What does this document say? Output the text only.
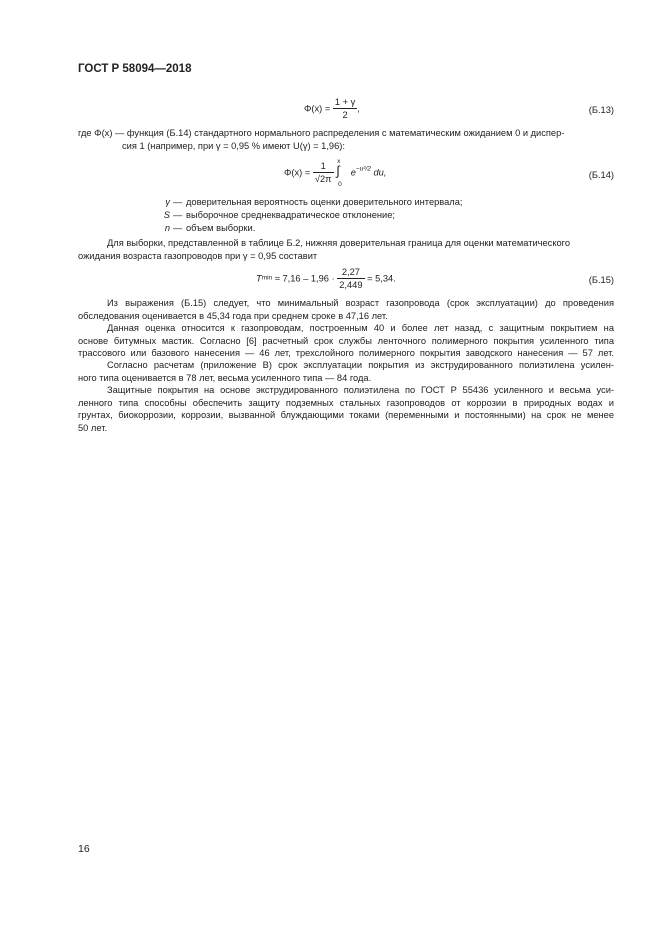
ГОСТ Р 58094—2018
$\Phi(x) = \frac{1 + \gamma}{2}$ ,	(Б.13)
где Φ(x) — функция (Б.14) стандартного нормального распределения с математическим ожиданием 0 и диспер-
сия 1 (например, при γ = 0,95 % имеют U(γ) = 1,96):
$\Phi(x) = \frac{1}{√2\pi}$
x
∫
0
$e^{-u^2/2}$ du,	(Б.14)
γ — доверительная вероятность оценки доверительного интервала;
S — выборочное среднеквадратическое отклонение;
n — объем выборки.
Для выборки, представленной в таблице Б.2, нижняя доверительная граница для оценки математического
ожидания возраста газопроводов при γ = 0,95 составит
$Tmin \approx 7,16 - 1,96 \cdot \frac{2,27}{2,449} = 5,34$.	(Б.15)
Из выражения (Б.15) следует, что минимальный возраст газопровода (срок эксплуатации) до проведения
обследования оценивается в 45,34 года при среднем сроке в 47,16 лет.
Данная оценка относится к газопроводам, построенным 40 и более лет назад, с защитным покрытием на
основе битумных мастик. Согласно [6] расчетный срок службы ленточного полимерного покрытия усиленного типа
трассового или базового нанесения — 46 лет, трехслойного полимерного покрытия заводского нанесения — 57 лет.
Согласно расчетам (приложение В) срок эксплуатации покрытия из экструдированного полиэтилена усилен-
ного типа оценивается в 78 лет, весьма усиленного типа — 84 года.
Защитные покрытия на основе экструдированного полиэтилена по ГОСТ Р 55436 усиленного и весьма уси-
ленного типа способны обеспечить защиту подземных стальных газопроводов от коррозии в природных водах и
грунтах, биокоррозии, коррозии, вызванной блуждающими токами (переменными и постоянными) на срок не менее
50 лет.
16
